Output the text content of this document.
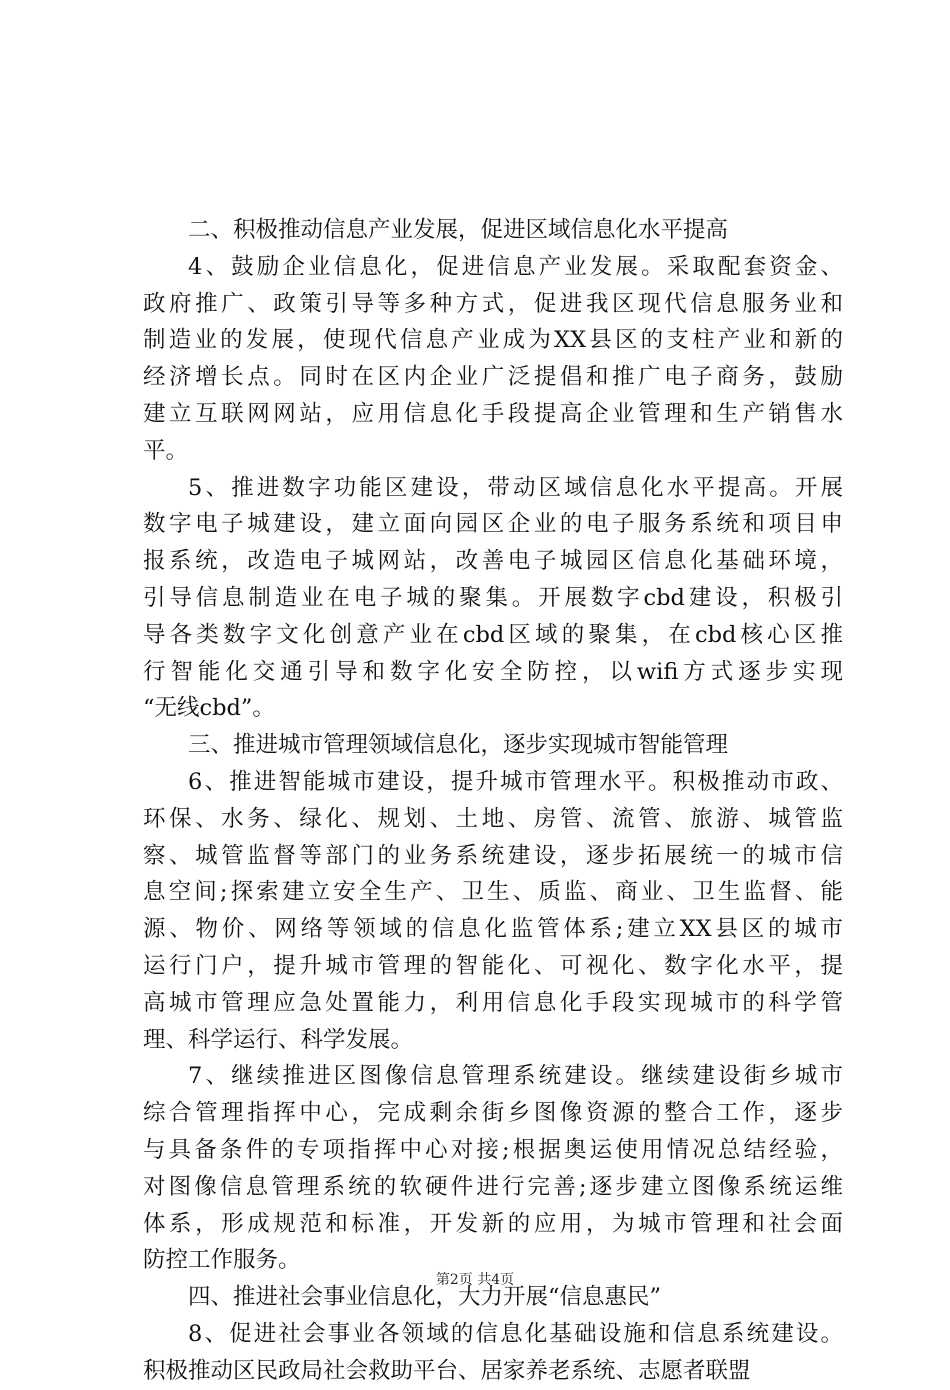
二、积极推动信息产业发展，促进区域信息化水平提高
4、鼓励企业信息化，促进信息产业发展。采取配套资金、
政府推广、政策引导等多种方式，促进我区现代信息服务业和
制造业的发展，使现代信息产业成为XX县区的支柱产业和新的
经济增长点。同时在区内企业广泛提倡和推广电子商务，鼓励
建立互联网网站，应用信息化手段提高企业管理和生产销售水
平。
5、推进数字功能区建设，带动区域信息化水平提高。开展
数字电子城建设，建立面向园区企业的电子服务系统和项目申
报系统，改造电子城网站，改善电子城园区信息化基础环境，
引导信息制造业在电子城的聚集。开展数字cbd建设，积极引
导各类数字文化创意产业在cbd区域的聚集，在cbd核心区推
行智能化交通引导和数字化安全防控，以wifi方式逐步实现
“无线cbd”。
三、推进城市管理领域信息化，逐步实现城市智能管理
6、推进智能城市建设，提升城市管理水平。积极推动市政、
环保、水务、绿化、规划、土地、房管、流管、旅游、城管监
察、城管监督等部门的业务系统建设，逐步拓展统一的城市信
息空间;探索建立安全生产、卫生、质监、商业、卫生监督、能
源、物价、网络等领域的信息化监管体系;建立XX县区的城市
运行门户，提升城市管理的智能化、可视化、数字化水平，提
高城市管理应急处置能力，利用信息化手段实现城市的科学管
理、科学运行、科学发展。
7、继续推进区图像信息管理系统建设。继续建设街乡城市
综合管理指挥中心，完成剩余街乡图像资源的整合工作，逐步
与具备条件的专项指挥中心对接;根据奥运使用情况总结经验，
对图像信息管理系统的软硬件进行完善;逐步建立图像系统运维
体系，形成规范和标准，开发新的应用，为城市管理和社会面
防控工作服务。
四、推进社会事业信息化，大力开展“信息惠民”
8、促进社会事业各领域的信息化基础设施和信息系统建设。
积极推动区民政局社会救助平台、居家养老系统、志愿者联盟
第2页 共4页
